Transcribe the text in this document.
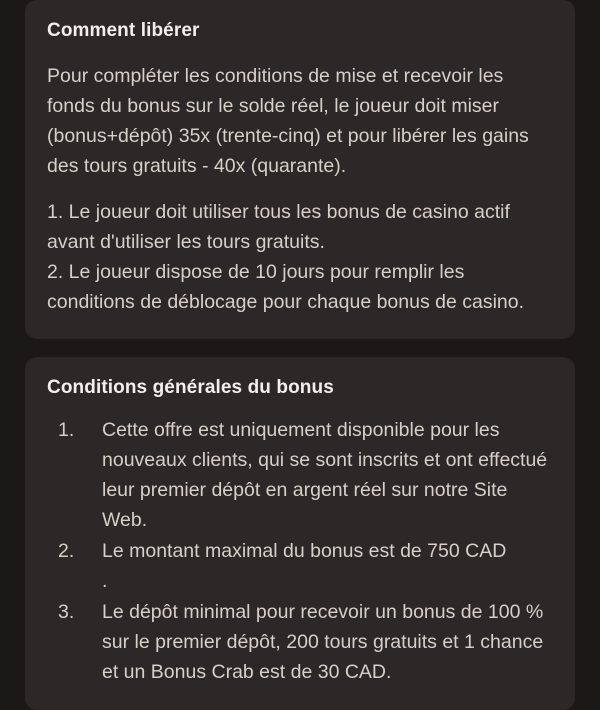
Comment libérer

Pour compléter les conditions de mise et recevoir les fonds du bonus sur le solde réel, le joueur doit miser (bonus+dépôt) 35x (trente-cinq) et pour libérer les gains des tours gratuits - 40x (quarante).

1. Le joueur doit utiliser tous les bonus de casino actif avant d'utiliser les tours gratuits.
2. Le joueur dispose de 10 jours pour remplir les conditions de déblocage pour chaque bonus de casino.

Conditions générales du bonus
Cette offre est uniquement disponible pour les nouveaux clients, qui se sont inscrits et ont effectué leur premier dépôt en argent réel sur notre Site Web.
Le montant maximal du bonus est de 750 CAD
.
Le dépôt minimal pour recevoir un bonus de 100 % sur le premier dépôt, 200 tours gratuits et 1 chance et un Bonus Crab est de 30 CAD.
